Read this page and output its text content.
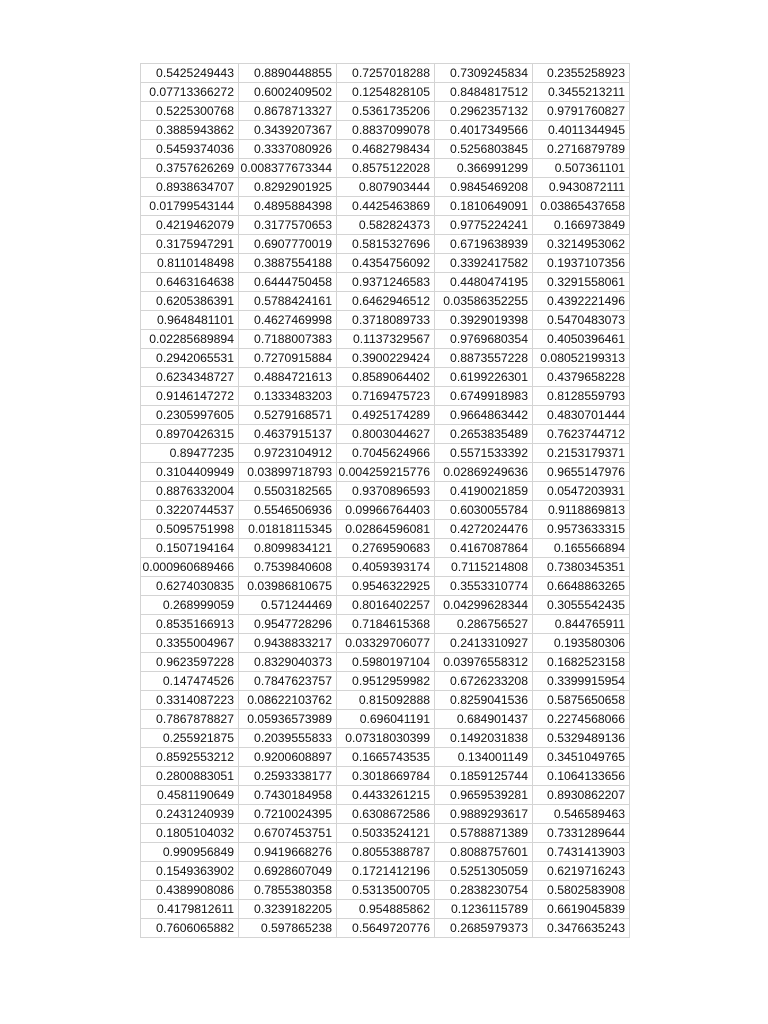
0.5425249443	0.8890448855	0.7257018288	0.7309245834	0.2355258923
0.07713366272	0.6002409502	0.1254828105	0.8484817512	0.3455213211
0.5225300768	0.8678713327	0.5361735206	0.2962357132	0.9791760827
0.3885943862	0.3439207367	0.8837099078	0.4017349566	0.4011344945
0.5459374036	0.3337080926	0.4682798434	0.5256803845	0.2716879789
0.3757626269	0.008377673344	0.8575122028	0.366991299	0.507361101
0.8938634707	0.8292901925	0.807903444	0.9845469208	0.9430872111
0.01799543144	0.4895884398	0.4425463869	0.1810649091	0.03865437658
0.4219462079	0.3177570653	0.582824373	0.9775224241	0.166973849
0.3175947291	0.6907770019	0.5815327696	0.6719638939	0.3214953062
0.8110148498	0.3887554188	0.4354756092	0.3392417582	0.1937107356
0.6463164638	0.6444750458	0.9371246583	0.4480474195	0.3291558061
0.6205386391	0.5788424161	0.6462946512	0.03586352255	0.4392221496
0.9648481101	0.4627469998	0.3718089733	0.3929019398	0.5470483073
0.02285689894	0.7188007383	0.1137329567	0.9769680354	0.4050396461
0.2942065531	0.7270915884	0.3900229424	0.8873557228	0.08052199313
0.6234348727	0.4884721613	0.8589064402	0.6199226301	0.4379658228
0.9146147272	0.1333483203	0.7169475723	0.6749918983	0.8128559793
0.2305997605	0.5279168571	0.4925174289	0.9664863442	0.4830701444
0.8970426315	0.4637915137	0.8003044627	0.2653835489	0.7623744712
0.89477235	0.9723104912	0.7045624966	0.5571533392	0.2153179371
0.3104409949	0.03899718793	0.004259215776	0.02869249636	0.9655147976
0.8876332004	0.5503182565	0.9370896593	0.4190021859	0.0547203931
0.3220744537	0.5546506936	0.09966764403	0.6030055784	0.9118869813
0.5095751998	0.01818115345	0.02864596081	0.4272024476	0.9573633315
0.1507194164	0.8099834121	0.2769590683	0.4167087864	0.165566894
0.000960689466	0.7539840608	0.4059393174	0.7115214808	0.7380345351
0.6274030835	0.03986810675	0.9546322925	0.3553310774	0.6648863265
0.268999059	0.571244469	0.8016402257	0.04299628344	0.3055542435
0.8535166913	0.9547728296	0.7184615368	0.286756527	0.844765911
0.3355004967	0.9438833217	0.03329706077	0.2413310927	0.193580306
0.9623597228	0.8329040373	0.5980197104	0.03976558312	0.1682523158
0.147474526	0.7847623757	0.9512959982	0.6726233208	0.3399915954
0.3314087223	0.08622103762	0.815092888	0.8259041536	0.5875650658
0.7867878827	0.05936573989	0.696041191	0.684901437	0.2274568066
0.255921875	0.2039555833	0.07318030399	0.1492031838	0.5329489136
0.8592553212	0.9200608897	0.1665743535	0.134001149	0.3451049765
0.2800883051	0.2593338177	0.3018669784	0.1859125744	0.1064133656
0.4581190649	0.7430184958	0.4433261215	0.9659539281	0.8930862207
0.2431240939	0.7210024395	0.6308672586	0.9889293617	0.546589463
0.1805104032	0.6707453751	0.5033524121	0.5788871389	0.7331289644
0.990956849	0.9419668276	0.8055388787	0.8088757601	0.7431413903
0.1549363902	0.6928607049	0.1721412196	0.5251305059	0.6219716243
0.4389908086	0.7855380358	0.5313500705	0.2838230754	0.5802583908
0.4179812611	0.3239182205	0.954885862	0.1236115789	0.6619045839
0.7606065882	0.597865238	0.5649720776	0.2685979373	0.3476635243
